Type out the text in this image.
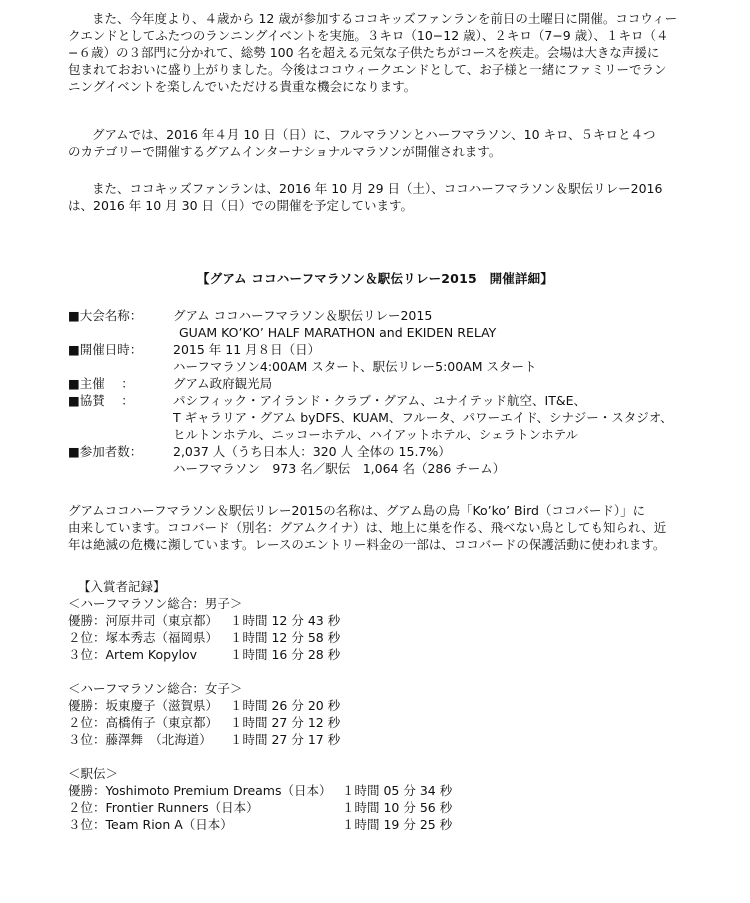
また、今年度より、４歳から 12 歳が参加するココキッズファンランを前日の土曜日に開催。ココウィー
クエンドとしてふたつのランニングイベントを実施。３キロ（10−12 歳）、２キロ（7−9 歳）、１キロ（４
−６歳）の３部門に分かれて、総勢 100 名を超える元気な子供たちがコースを疾走。会場は大きな声援に
包まれておおいに盛り上がりました。今後はココウィークエンドとして、お子様と一緒にファミリーでラン
ニングイベントを楽しんでいただける貴重な機会になります。
グアムでは、2016 年４月 10 日（日）に、フルマラソンとハーフマラソン、10 キロ、５キロと４つ
のカテゴリーで開催するグアムインターナショナルマラソンが開催されます。
また、ココキッズファンランは、2016 年 10 月 29 日（土）、ココハーフマラソン＆駅伝リレー2016
は、2016 年 10 月 30 日（日）での開催を予定しています。
【グアム ココハーフマラソン＆駅伝リレー2015　開催詳細】
■大会名称：	グアム ココハーフマラソン＆駅伝リレー2015
GUAM KO’KO’ HALF MARATHON and EKIDEN RELAY
■開催日時：	2015 年 11 月８日（日）
ハーフマラソン4:00AM スタート、駅伝リレー5:00AM スタート
■主催　 ：	グアム政府観光局
■協賛　 ：	パシフィック・アイランド・クラブ・グアム、ユナイテッド航空、IT&E、
T ギャラリア・グアム byDFS、KUAM、フルータ、パワーエイド、シナジー・スタジオ、
ヒルトンホテル、ニッコーホテル、ハイアットホテル、シェラトンホテル
■参加者数：	2,037 人（うち日本人：320 人 全体の 15.7%）
ハーフマラソン　973 名／駅伝　1,064 名（286 チーム）
グアムココハーフマラソン＆駅伝リレー2015の名称は、グアム島の鳥「Ko’ko’ Bird（ココバード）」に
由来しています。ココバード（別名：グアムクイナ）は、地上に巣を作る、飛べない鳥としても知られ、近
年は絶滅の危機に瀕しています。レースのエントリー料金の一部は、ココバードの保護活動に使われます。
【入賞者記録】
＜ハーフマラソン総合：男子＞
優勝：河原井司（東京都） １時間 12 分 43 秒
２位：塚本秀志（福岡県） １時間 12 分 58 秒
３位：Artem Kopylov	１時間 16 分 28 秒
＜ハーフマラソン総合：女子＞
優勝：坂東慶子（滋賀県） １時間 26 分 20 秒
２位：高橋侑子（東京都） １時間 27 分 12 秒
３位：藤澤舞　（北海道）	１時間 27 分 17 秒
＜駅伝＞
優勝：Yoshimoto Premium Dreams（日本） １時間 05 分 34 秒
２位：Frontier Runners（日本）	１時間 10 分 56 秒
３位：Team Rion A（日本）	１時間 19 分 25 秒
